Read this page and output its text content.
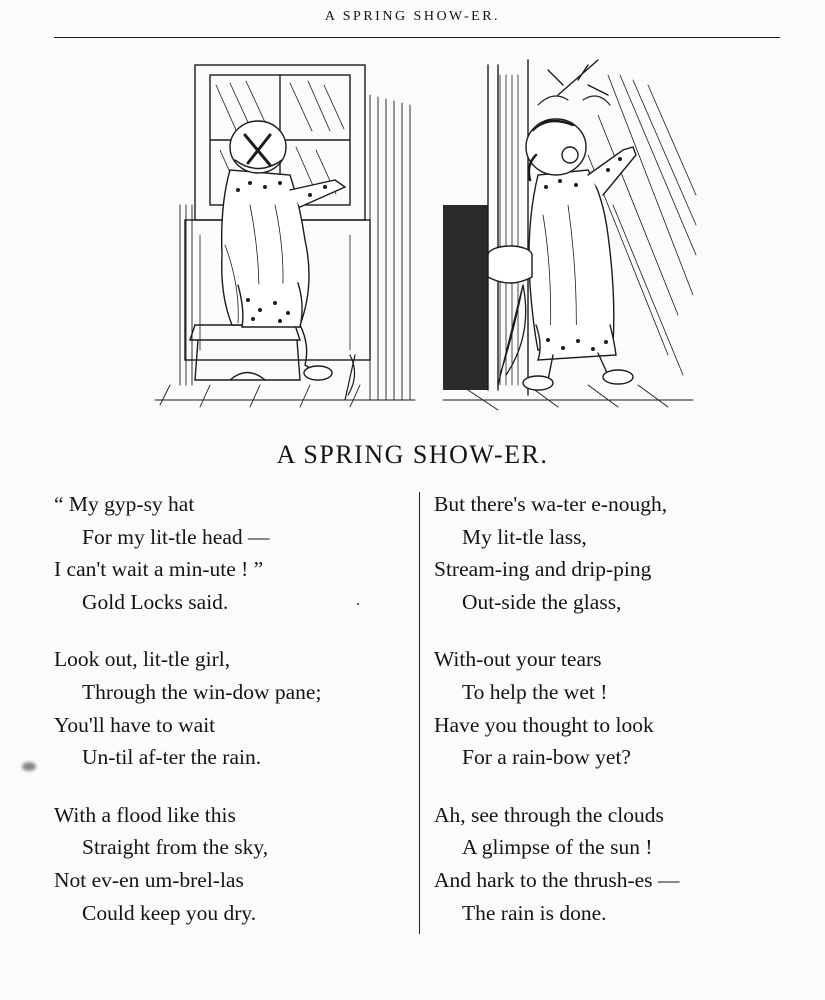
A SPRING SHOW-ER.
A SPRING SHOW-ER.
“ My gyp-sy hat
For my lit-tle head —
I can't wait a min-ute ! ”
Gold Locks said.
Look out, lit-tle girl,
Through the win-dow pane;
You'll have to wait
Un-til af-ter the rain.
With a flood like this
Straight from the sky,
Not ev-en um-brel-las
Could keep you dry.
But there's wa-ter e-nough,
My lit-tle lass,
Stream-ing and drip-ping
Out-side the glass,
With-out your tears
To help the wet !
Have you thought to look
For a rain-bow yet?
Ah, see through the clouds
A glimpse of the sun !
And hark to the thrush-es —
The rain is done.
